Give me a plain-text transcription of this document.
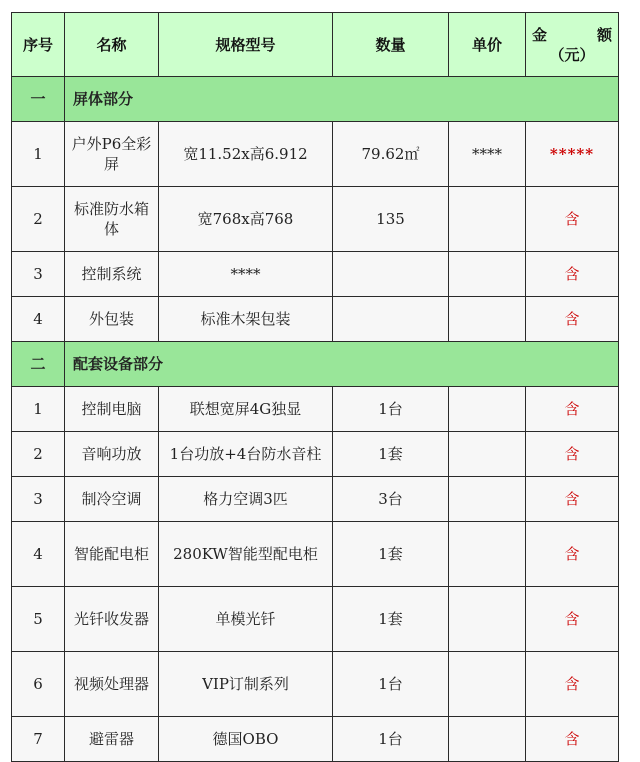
序号	名称	规格型号	数量	单价	金 额
（元）

一	屏体部分				
1	户外P6全彩屏	宽11.52x高6.912	79.62㎡	****	*****
2	标准防水箱体	宽768x高768	135		含
3	控制系统	****			含
4	外包装	标准木架包装			含
二	配套设备部分				
1	控制电脑	联想宽屏4G独显	1台		含
2	音响功放	1台功放+4台防水音柱	1套		含
3	制冷空调	格力空调3匹	3台		含
4	智能配电柜	280KW智能型配电柜	1套		含
5	光钎收发器	单模光钎	1套		含
6	视频处理器	VIP订制系列	1台		含
7	避雷器	德国OBO	1台		含
